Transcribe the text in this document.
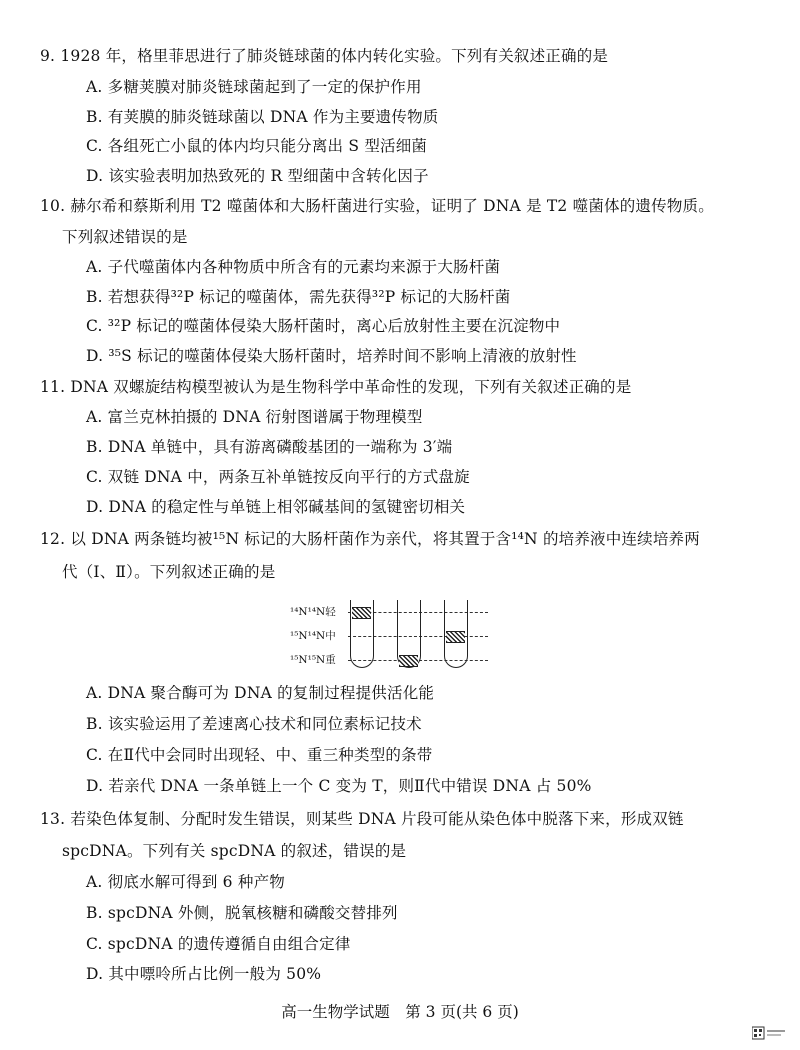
9. 1928 年，格里菲思进行了肺炎链球菌的体内转化实验。下列有关叙述正确的是
A. 多糖荚膜对肺炎链球菌起到了一定的保护作用
B. 有荚膜的肺炎链球菌以 DNA 作为主要遗传物质
C. 各组死亡小鼠的体内均只能分离出 S 型活细菌
D. 该实验表明加热致死的 R 型细菌中含转化因子
10. 赫尔希和蔡斯利用 T2 噬菌体和大肠杆菌进行实验，证明了 DNA 是 T2 噬菌体的遗传物质。
下列叙述错误的是
A. 子代噬菌体内各种物质中所含有的元素均来源于大肠杆菌
B. 若想获得³²P 标记的噬菌体，需先获得³²P 标记的大肠杆菌
C. ³²P 标记的噬菌体侵染大肠杆菌时，离心后放射性主要在沉淀物中
D. ³⁵S 标记的噬菌体侵染大肠杆菌时，培养时间不影响上清液的放射性
11. DNA 双螺旋结构模型被认为是生物科学中革命性的发现，下列有关叙述正确的是
A. 富兰克林拍摄的 DNA 衍射图谱属于物理模型
B. DNA 单链中，具有游离磷酸基团的一端称为 3′端
C. 双链 DNA 中，两条互补单链按反向平行的方式盘旋
D. DNA 的稳定性与单链上相邻碱基间的氢键密切相关
12. 以 DNA 两条链均被¹⁵N 标记的大肠杆菌作为亲代，将其置于含¹⁴N 的培养液中连续培养两
代（Ⅰ、Ⅱ）。下列叙述正确的是
¹⁴N¹⁴N轻
¹⁵N¹⁴N中
¹⁵N¹⁵N重
A. DNA 聚合酶可为 DNA 的复制过程提供活化能
B. 该实验运用了差速离心技术和同位素标记技术
C. 在Ⅱ代中会同时出现轻、中、重三种类型的条带
D. 若亲代 DNA 一条单链上一个 C 变为 T，则Ⅱ代中错误 DNA 占 50%
13. 若染色体复制、分配时发生错误，则某些 DNA 片段可能从染色体中脱落下来，形成双链
spcDNA。下列有关 spcDNA 的叙述，错误的是
A. 彻底水解可得到 6 种产物
B. spcDNA 外侧，脱氧核糖和磷酸交替排列
C. spcDNA 的遗传遵循自由组合定律
D. 其中嘌呤所占比例一般为 50%
高一生物学试题　第 3 页(共 6 页)
